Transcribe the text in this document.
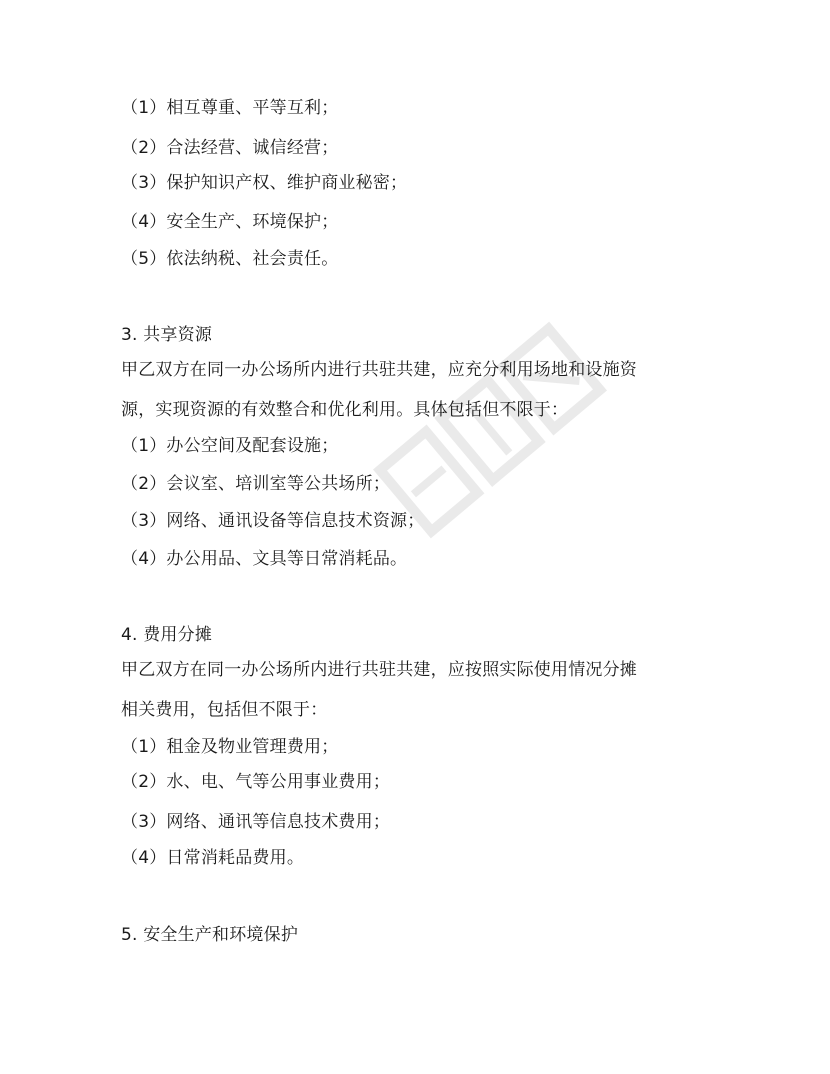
（1）相互尊重、平等互利；
（2）合法经营、诚信经营；
（3）保护知识产权、维护商业秘密；
（4）安全生产、环境保护；
（5）依法纳税、社会责任。
3. 共享资源
甲乙双方在同一办公场所内进行共驻共建，应充分利用场地和设施资
源，实现资源的有效整合和优化利用。具体包括但不限于：
（1）办公空间及配套设施；
（2）会议室、培训室等公共场所；
（3）网络、通讯设备等信息技术资源；
（4）办公用品、文具等日常消耗品。
4. 费用分摊
甲乙双方在同一办公场所内进行共驻共建，应按照实际使用情况分摊
相关费用，包括但不限于：
（1）租金及物业管理费用；
（2）水、电、气等公用事业费用；
（3）网络、通讯等信息技术费用；
（4）日常消耗品费用。
5. 安全生产和环境保护
